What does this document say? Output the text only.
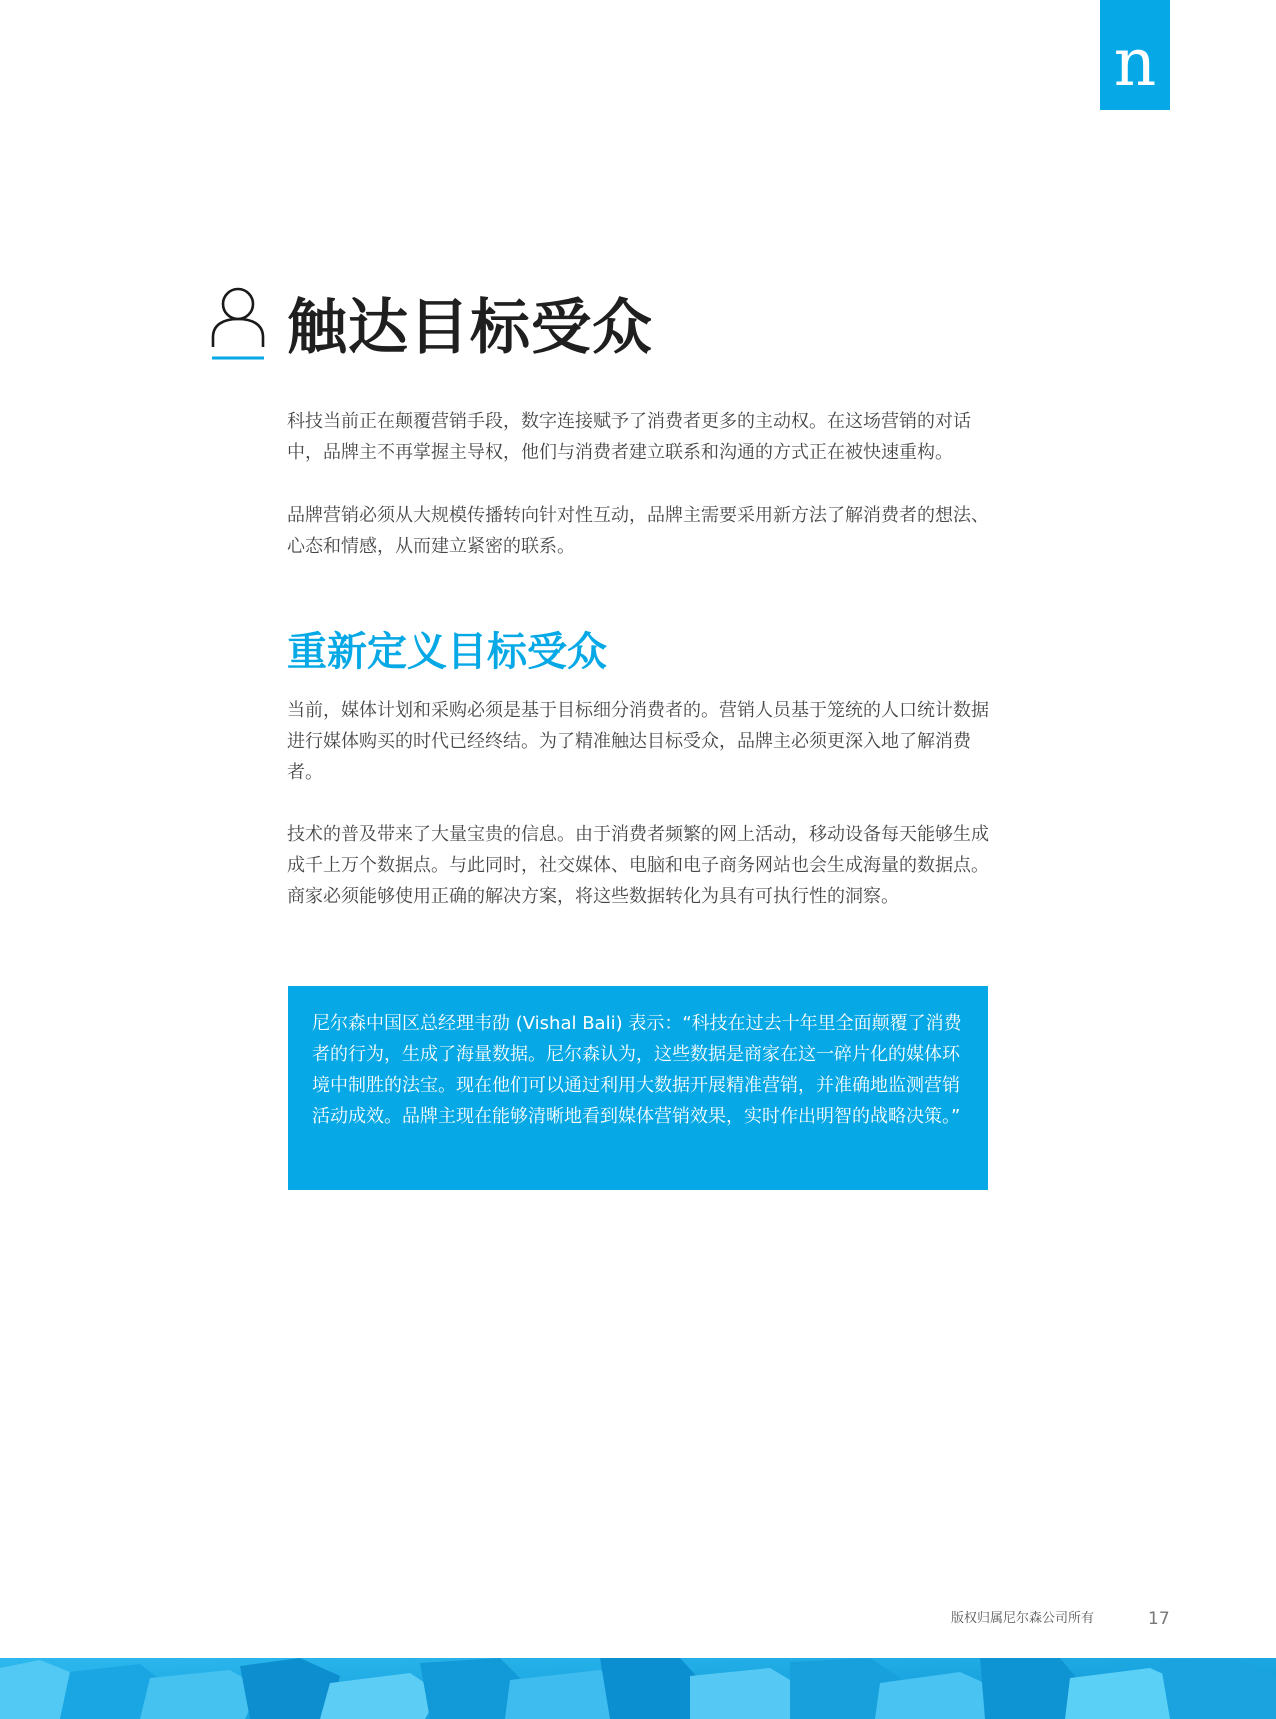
n
触达目标受众

科技当前正在颠覆营销手段，数字连接赋予了消费者更多的主动权。在这场营销的对话中，品牌主不再掌握主导权，他们与消费者建立联系和沟通的方式正在被快速重构。

品牌营销必须从大规模传播转向针对性互动，品牌主需要采用新方法了解消费者的想法、心态和情感，从而建立紧密的联系。

重新定义目标受众

当前，媒体计划和采购必须是基于目标细分消费者的。营销人员基于笼统的人口统计数据进行媒体购买的时代已经终结。为了精准触达目标受众，品牌主必须更深入地了解消费者。

技术的普及带来了大量宝贵的信息。由于消费者频繁的网上活动，移动设备每天能够生成成千上万个数据点。与此同时，社交媒体、电脑和电子商务网站也会生成海量的数据点。商家必须能够使用正确的解决方案，将这些数据转化为具有可执行性的洞察。

尼尔森中国区总经理韦劭 (Vishal Bali) 表示：“科技在过去十年里全面颠覆了消费者的行为，生成了海量数据。尼尔森认为，这些数据是商家在这一碎片化的媒体环境中制胜的法宝。现在他们可以通过利用大数据开展精准营销，并准确地监测营销活动成效。品牌主现在能够清晰地看到媒体营销效果，实时作出明智的战略决策。”

版权归属尼尔森公司所有	17
